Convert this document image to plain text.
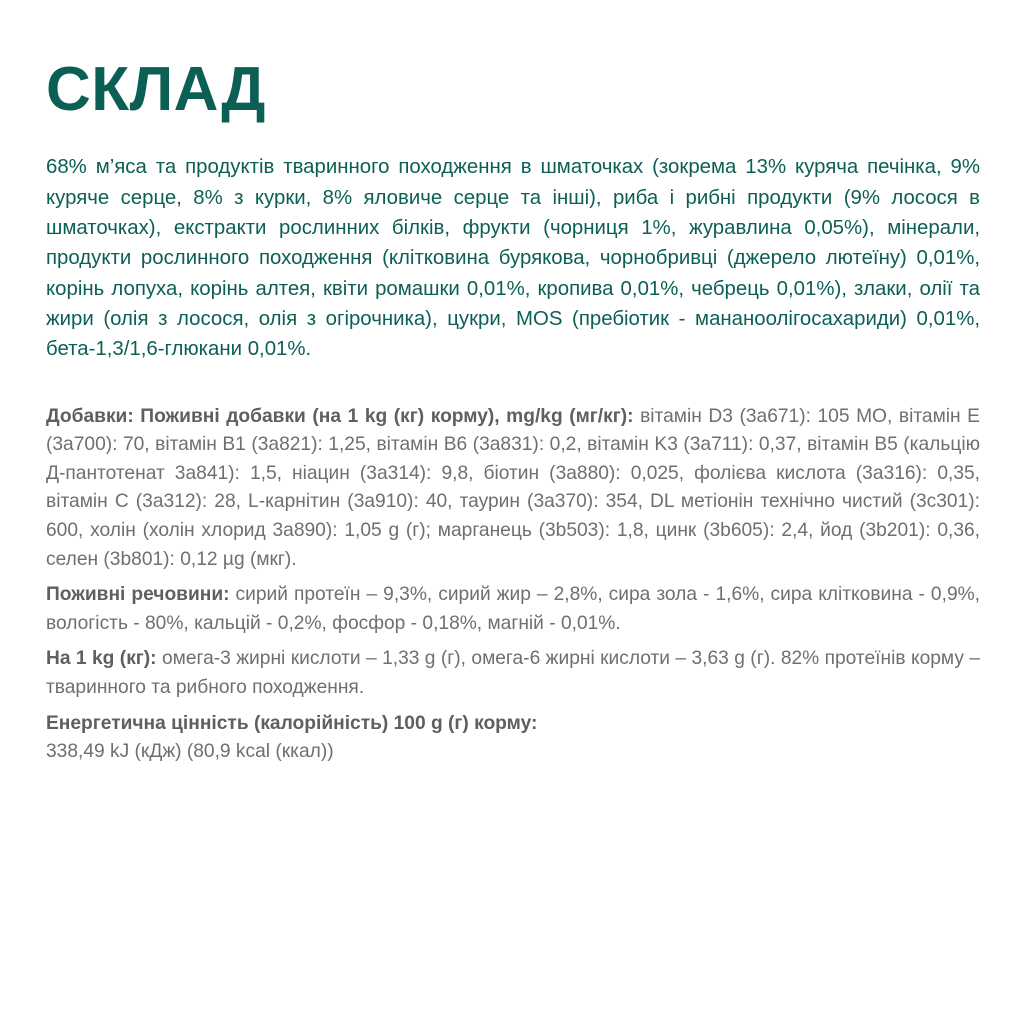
СКЛАД
68% м’яса та продуктів тваринного походження в шматочках (зокрема 13% куряча печінка, 9% куряче серце, 8% з курки, 8% яловиче серце та інші), риба і рибні продукти (9% лосося в шматочках), екстракти рослинних білків, фрукти (чорниця 1%, журавлина 0,05%), мінерали, продукти рослинного походження (клітковина бурякова, чорнобривці (джерело лютеїну) 0,01%, корінь лопуха, корінь алтея, квіти ромашки 0,01%, кропива 0,01%, чебрець 0,01%), злаки, олії та жири (олія з лосося, олія з огірочника), цукри, MOS (пребіотик - мананоолігосахариди) 0,01%, бета-1,3/1,6-глюкани 0,01%.

Добавки: Поживні добавки (на 1 kg (кг) корму), mg/kg (мг/кг): вітамін D3 (3a671): 105 МО, вітамін Е (3a700): 70, вітамін B1 (3a821): 1,25, вітамін B6 (3a831): 0,2, вітамін K3 (3a711): 0,37, вітамін B5 (кальцію Д-пантотенат 3a841): 1,5, ніацин (3a314): 9,8, біотин (3a880): 0,025, фолієва кислота (3a316): 0,35, вітамін С (3a312): 28, L-карнітин (3a910): 40, таурин (3a370): 354, DL метіонін технічно чистий (3c301): 600, холін (холін хлорид 3a890): 1,05 g (г); марганець (3b503): 1,8, цинк (3b605): 2,4, йод (3b201): 0,36, селен (3b801): 0,12 µg (мкг).

Поживні речовини: сирий протеїн – 9,3%, сирий жир – 2,8%, сира зола - 1,6%, сира клітковина - 0,9%, вологість - 80%, кальцій - 0,2%, фосфор - 0,18%, магній - 0,01%.

На 1 kg (кг): омега-3 жирні кислоти – 1,33 g (г), омега-6 жирні кислоти – 3,63 g (г). 82% протеїнів корму – тваринного та рибного походження.

Енергетична цінність (калорійність) 100 g (г) корму:

338,49 kJ (кДж) (80,9 kcal (ккал))
